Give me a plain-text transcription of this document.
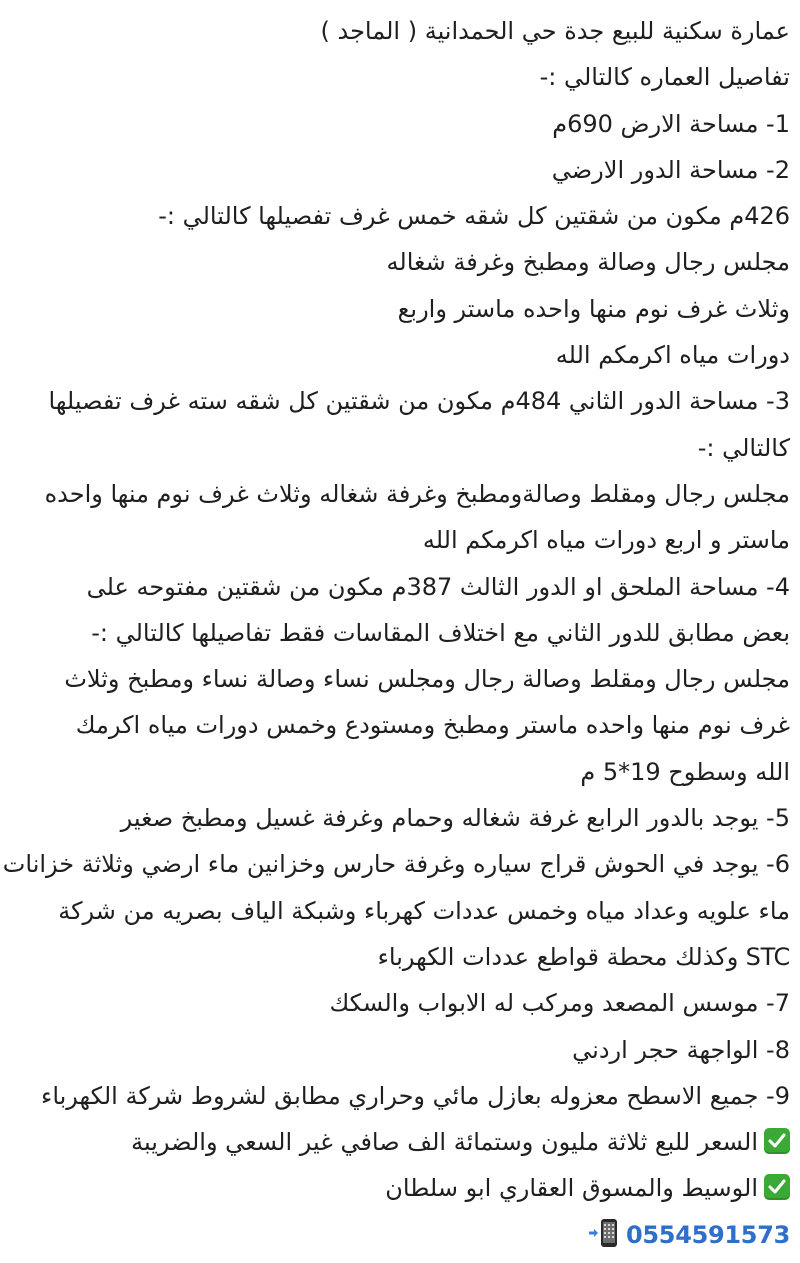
عمارة سكنية للبيع جدة حي الحمدانية ( الماجد )
تفاصيل العماره كالتالي :-
1- مساحة الارض 690م
2- مساحة الدور الارضي
426م مكون من شقتين كل شقه خمس غرف تفصيلها كالتالي :-
مجلس رجال وصالة ومطبخ وغرفة شغاله
وثلاث غرف نوم منها واحده ماستر واربع
دورات مياه اكرمكم الله
3- مساحة الدور الثاني 484م مكون من شقتين كل شقه سته غرف تفصيلها
كالتالي :-
مجلس رجال ومقلط وصالةومطبخ وغرفة شغاله وثلاث غرف نوم منها واحده
ماستر و اربع دورات مياه اكرمكم الله
4- مساحة الملحق او الدور الثالث 387م مكون من شقتين مفتوحه على
بعض مطابق للدور الثاني مع اختلاف المقاسات فقط تفاصيلها كالتالي :-
مجلس رجال ومقلط وصالة رجال ومجلس نساء وصالة نساء ومطبخ وثلاث
غرف نوم منها واحده ماستر ومطبخ ومستودع وخمس دورات مياه اكرمك
الله وسطوح 19*5 م
5- يوجد بالدور الرابع غرفة شغاله وحمام وغرفة غسيل ومطبخ صغير
6- يوجد في الحوش قراج سياره وغرفة حارس وخزانين ماء ارضي وثلاثة خزانات
ماء علويه وعداد مياه وخمس عددات كهرباء وشبكة الياف بصريه من شركة
STC وكذلك محطة قواطع عددات الكهرباء
7- موسس المصعد ومركب له الابواب والسكك
8- الواجهة حجر اردني
9- جميع الاسطح معزوله بعازل مائي وحراري مطابق لشروط شركة الكهرباء
السعر للبع ثلاثة مليون وستمائة الف صافي غير السعي والضريبة
الوسيط والمسوق العقاري ابو سلطان
0554591573
